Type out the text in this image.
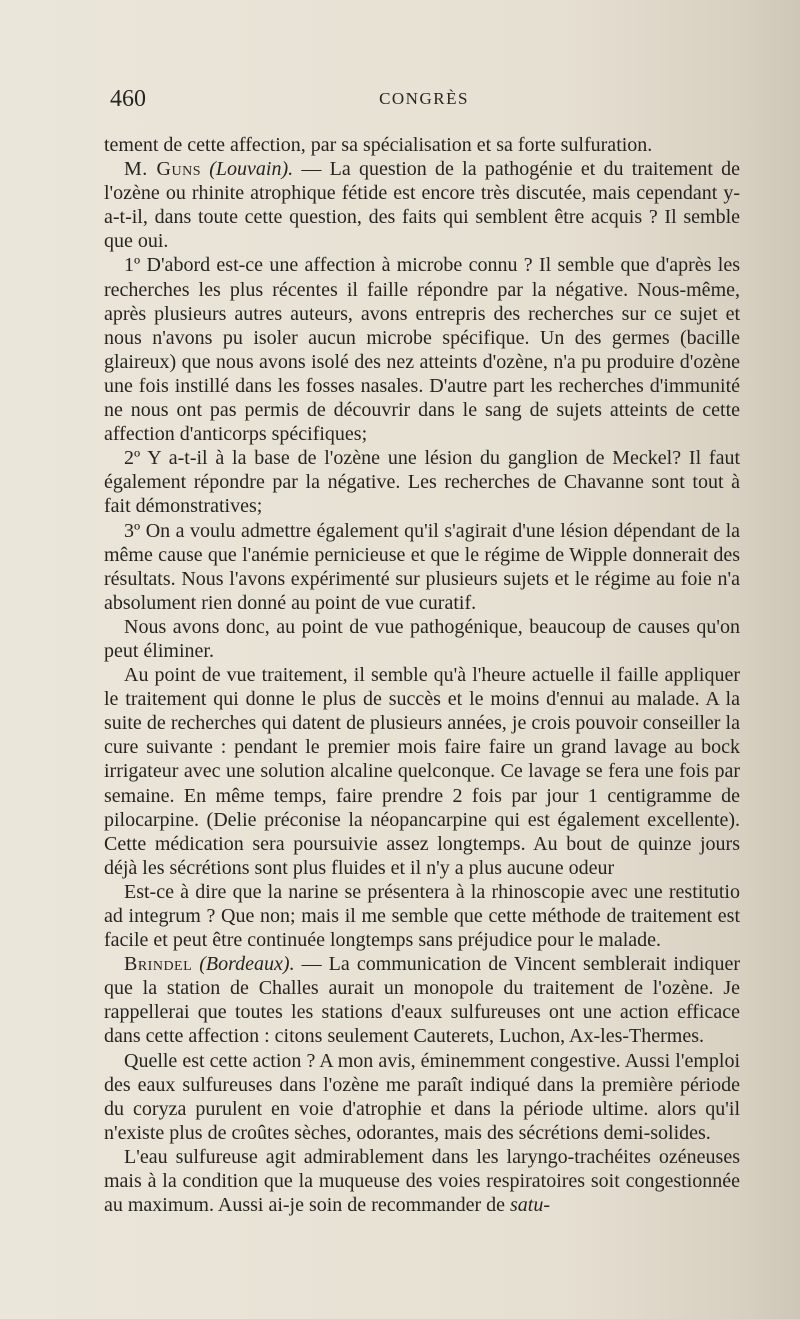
460	CONGRÈS

tement de cette affection, par sa spécialisation et sa forte sulfuration.

M. Guns (Louvain). — La question de la pathogénie et du traitement de l'ozène ou rhinite atrophique fétide est encore très discutée, mais cependant y-a-t-il, dans toute cette question, des faits qui semblent être acquis ? Il semble que oui.

1º D'abord est-ce une affection à microbe connu ? Il semble que d'après les recherches les plus récentes il faille répondre par la négative. Nous-même, après plusieurs autres auteurs, avons entrepris des recherches sur ce sujet et nous n'avons pu isoler aucun microbe spécifique. Un des germes (bacille glaireux) que nous avons isolé des nez atteints d'ozène, n'a pu produire d'ozène une fois instillé dans les fosses nasales. D'autre part les recherches d'immunité ne nous ont pas permis de découvrir dans le sang de sujets atteints de cette affection d'anticorps spécifiques;

2º Y a-t-il à la base de l'ozène une lésion du ganglion de Meckel? Il faut également répondre par la négative. Les recherches de Chavanne sont tout à fait démonstratives;

3º On a voulu admettre également qu'il s'agirait d'une lésion dépendant de la même cause que l'anémie pernicieuse et que le régime de Wipple donnerait des résultats. Nous l'avons expérimenté sur plusieurs sujets et le régime au foie n'a absolument rien donné au point de vue curatif.

Nous avons donc, au point de vue pathogénique, beaucoup de causes qu'on peut éliminer.

Au point de vue traitement, il semble qu'à l'heure actuelle il faille appliquer le traitement qui donne le plus de succès et le moins d'ennui au malade. A la suite de recherches qui datent de plusieurs années, je crois pouvoir conseiller la cure suivante : pendant le premier mois faire faire un grand lavage au bock irrigateur avec une solution alcaline quelconque. Ce lavage se fera une fois par semaine. En même temps, faire prendre 2 fois par jour 1 centigramme de pilocarpine. (Delie préconise la néopancarpine qui est également excellente). Cette médication sera poursuivie assez longtemps. Au bout de quinze jours déjà les sécrétions sont plus fluides et il n'y a plus aucune odeur

Est-ce à dire que la narine se présentera à la rhinoscopie avec une restitutio ad integrum ? Que non; mais il me semble que cette méthode de traitement est facile et peut être continuée longtemps sans préjudice pour le malade.

Brindel (Bordeaux). — La communication de Vincent semblerait indiquer que la station de Challes aurait un monopole du traitement de l'ozène. Je rappellerai que toutes les stations d'eaux sulfureuses ont une action efficace dans cette affection : citons seulement Cauterets, Luchon, Ax-les-Thermes.

Quelle est cette action ? A mon avis, éminemment congestive. Aussi l'emploi des eaux sulfureuses dans l'ozène me paraît indiqué dans la première période du coryza purulent en voie d'atrophie et dans la période ultime. alors qu'il n'existe plus de croûtes sèches, odorantes, mais des sécrétions demi-solides.

L'eau sulfureuse agit admirablement dans les laryngo-trachéites ozéneuses mais à la condition que la muqueuse des voies respiratoires soit congestionnée au maximum. Aussi ai-je soin de recommander de satu-
